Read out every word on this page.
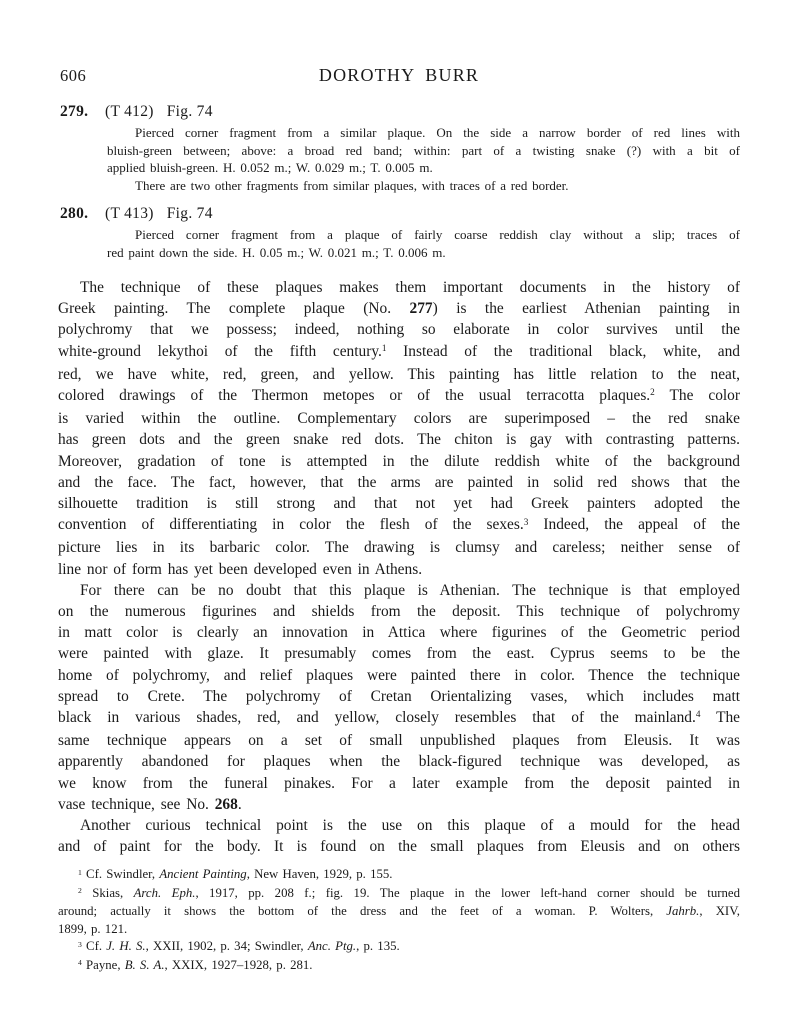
606	DOROTHY BURR
279. (T 412) Fig. 74
Pierced corner fragment from a similar plaque. On the side a narrow border of red lines with
bluish-green between; above: a broad red band; within: part of a twisting snake (?) with a bit of
applied bluish-green. H. 0.052 m.; W. 0.029 m.; T. 0.005 m.
There are two other fragments from similar plaques, with traces of a red border.
280. (T 413) Fig. 74
Pierced corner fragment from a plaque of fairly coarse reddish clay without a slip; traces of
red paint down the side. H. 0.05 m.; W. 0.021 m.; T. 0.006 m.
The technique of these plaques makes them important documents in the history of
Greek painting. The complete plaque (No. 277) is the earliest Athenian painting in
polychromy that we possess; indeed, nothing so elaborate in color survives until the
white-ground lekythoi of the fifth century.$^1$ Instead of the traditional black, white, and
red, we have white, red, green, and yellow. This painting has little relation to the neat,
colored drawings of the Thermon metopes or of the usual terracotta plaques.$^2$ The color
is varied within the outline. Complementary colors are superimposed – the red snake
has green dots and the green snake red dots. The chiton is gay with contrasting patterns.
Moreover, gradation of tone is attempted in the dilute reddish white of the background
and the face. The fact, however, that the arms are painted in solid red shows that the
silhouette tradition is still strong and that not yet had Greek painters adopted the
convention of differentiating in color the flesh of the sexes.$^3$ Indeed, the appeal of the
picture lies in its barbaric color. The drawing is clumsy and careless; neither sense of
line nor of form has yet been developed even in Athens.
For there can be no doubt that this plaque is Athenian. The technique is that employed
on the numerous figurines and shields from the deposit. This technique of polychromy
in matt color is clearly an innovation in Attica where figurines of the Geometric period
were painted with glaze. It presumably comes from the east. Cyprus seems to be the
home of polychromy, and relief plaques were painted there in color. Thence the technique
spread to Crete. The polychromy of Cretan Orientalizing vases, which includes matt
black in various shades, red, and yellow, closely resembles that of the mainland.$^4$ The
same technique appears on a set of small unpublished plaques from Eleusis. It was
apparently abandoned for plaques when the black-figured technique was developed, as
we know from the funeral pinakes. For a later example from the deposit painted in
vase technique, see No. 268.
Another curious technical point is the use on this plaque of a mould for the head
and of paint for the body. It is found on the small plaques from Eleusis and on others
$^1$ Cf. Swindler, Ancient Painting, New Haven, 1929, p. 155.
$^2$ Skias, Arch. Eph., 1917, pp. 208 f.; fig. 19. The plaque in the lower left-hand corner should be turned
around; actually it shows the bottom of the dress and the feet of a woman. P. Wolters, Jahrb., XIV,
1899, p. 121.
$^3$ Cf. J. H. S., XXII, 1902, p. 34; Swindler, Anc. Ptg., p. 135.
$^4$ Payne, B. S. A., XXIX, 1927–1928, p. 281.
